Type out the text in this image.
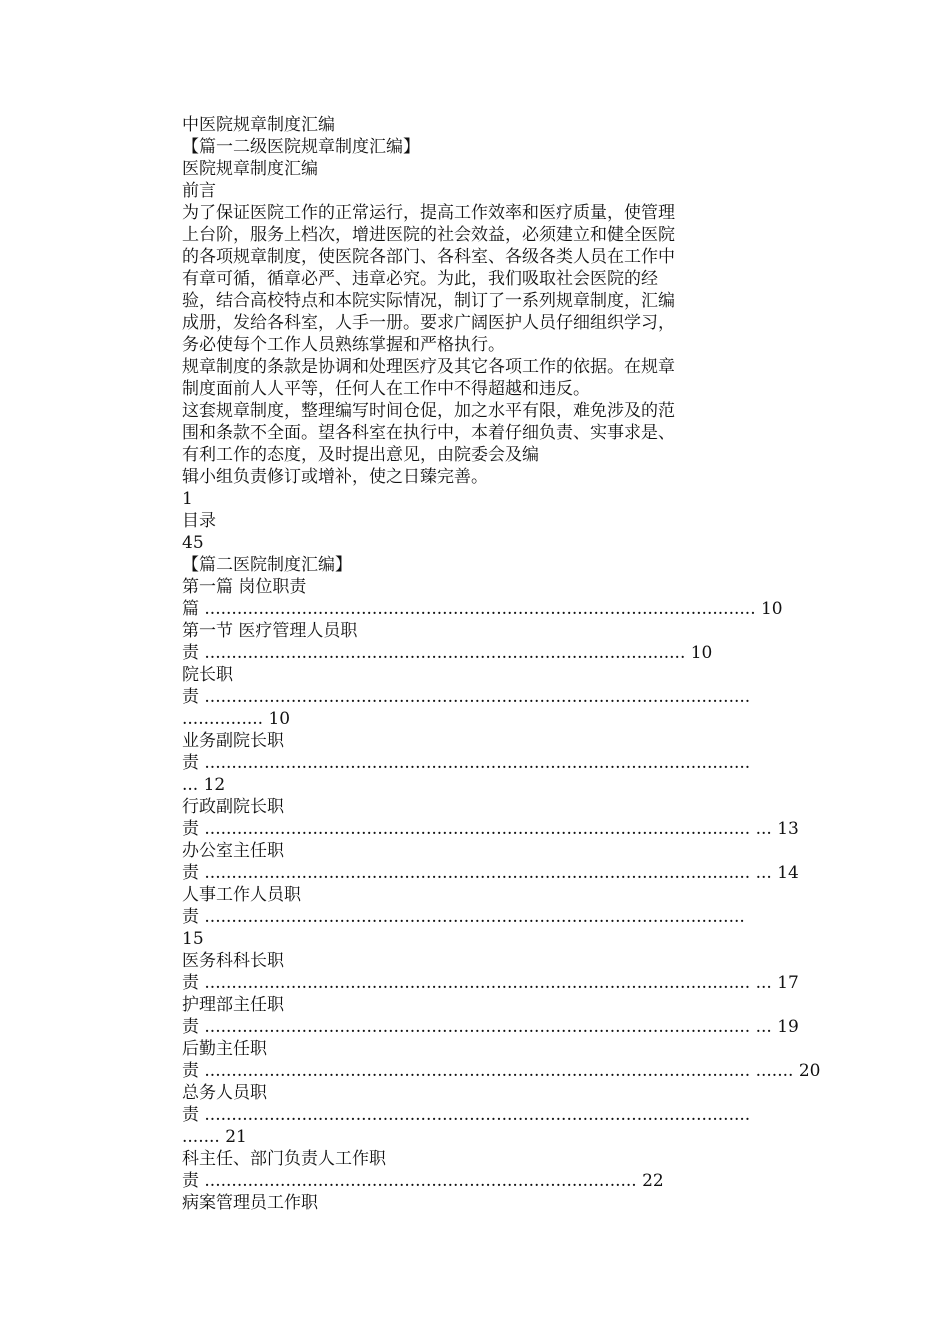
中医院规章制度汇编
【篇一二级医院规章制度汇编】
医院规章制度汇编
前言
为了保证医院工作的正常运行，提高工作效率和医疗质量，使管理
上台阶，服务上档次，增进医院的社会效益，必须建立和健全医院
的各项规章制度，使医院各部门、各科室、各级各类人员在工作中
有章可循，循章必严、违章必究。为此，我们吸取社会医院的经
验，结合高校特点和本院实际情况，制订了一系列规章制度，汇编
成册，发给各科室，人手一册。要求广阔医护人员仔细组织学习，
务必使每个工作人员熟练掌握和严格执行。
规章制度的条款是协调和处理医疗及其它各项工作的依据。在规章
制度面前人人平等，任何人在工作中不得超越和违反。
这套规章制度，整理编写时间仓促，加之水平有限，难免涉及的范
围和条款不全面。望各科室在执行中，本着仔细负责、实事求是、
有利工作的态度，及时提出意见，由院委会及编
辑小组负责修订或增补，使之日臻完善。
1
目录
45
【篇二医院制度汇编】
第一篇 岗位职责
篇 ...................................................................................................... 10
第一节 医疗管理人员职
责 ......................................................................................... 10
院长职
责 .....................................................................................................
............... 10
业务副院长职
责 .....................................................................................................
... 12
行政副院长职
责 ..................................................................................................... ... 13
办公室主任职
责 ..................................................................................................... ... 14
人事工作人员职
责 ....................................................................................................
15
医务科科长职
责 ..................................................................................................... ... 17
护理部主任职
责 ..................................................................................................... ... 19
后勤主任职
责 ..................................................................................................... ....... 20
总务人员职
责 .....................................................................................................
....... 21
科主任、部门负责人工作职
责 ................................................................................ 22
病案管理员工作职
